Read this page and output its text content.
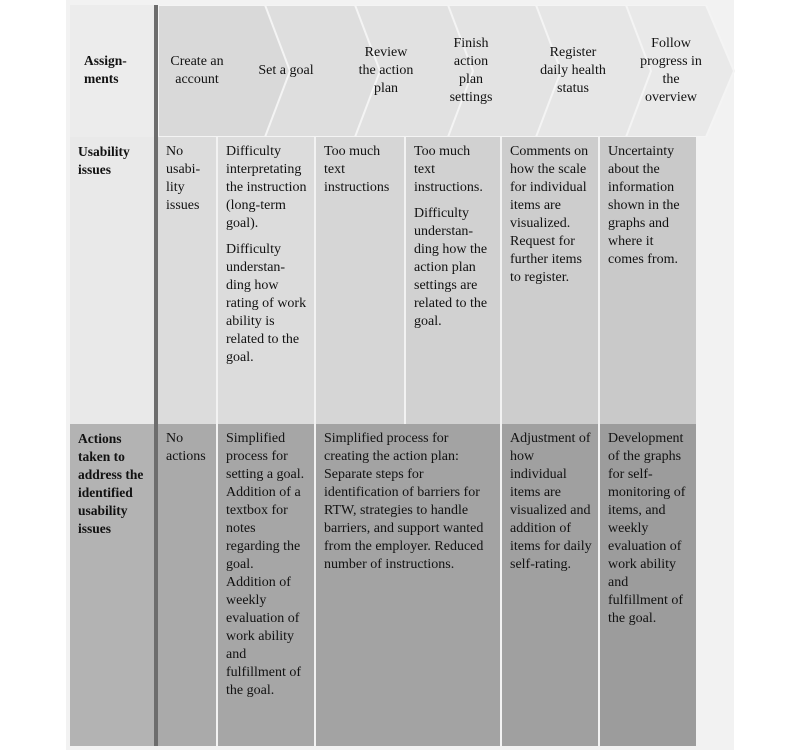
Assign-ments
Create an account
Set a goal
Review the action plan
Finish action plan settings
Register daily health status
Follow progress in the overview
Usability issues
No usabi-lity issues

Difficulty interpretating the instruction (long-term goal).

Difficulty understan-ding how rating of work ability is related to the goal.

Too much text instructions

Too much text instructions.

Difficulty understan-ding how the action plan settings are related to the goal.

Comments on how the scale for individual items are visualized. Request for further items to register.
Uncertainty about the information shown in the graphs and where it comes from.
Actions taken to address the identified usability issues
No actions
Simplified process for setting a goal.
Addition of a textbox for notes regarding the goal.
Addition of weekly evaluation of work ability and fulfillment of the goal.
Simplified process for creating the action plan: Separate steps for identification of barriers for RTW, strategies to handle barriers, and support wanted from the employer. Reduced number of instructions.
Adjustment of how individual items are visualized and addition of items for daily self-rating.
Development of the graphs for self-monitoring of items, and weekly evaluation of work ability and fulfillment of the goal.
